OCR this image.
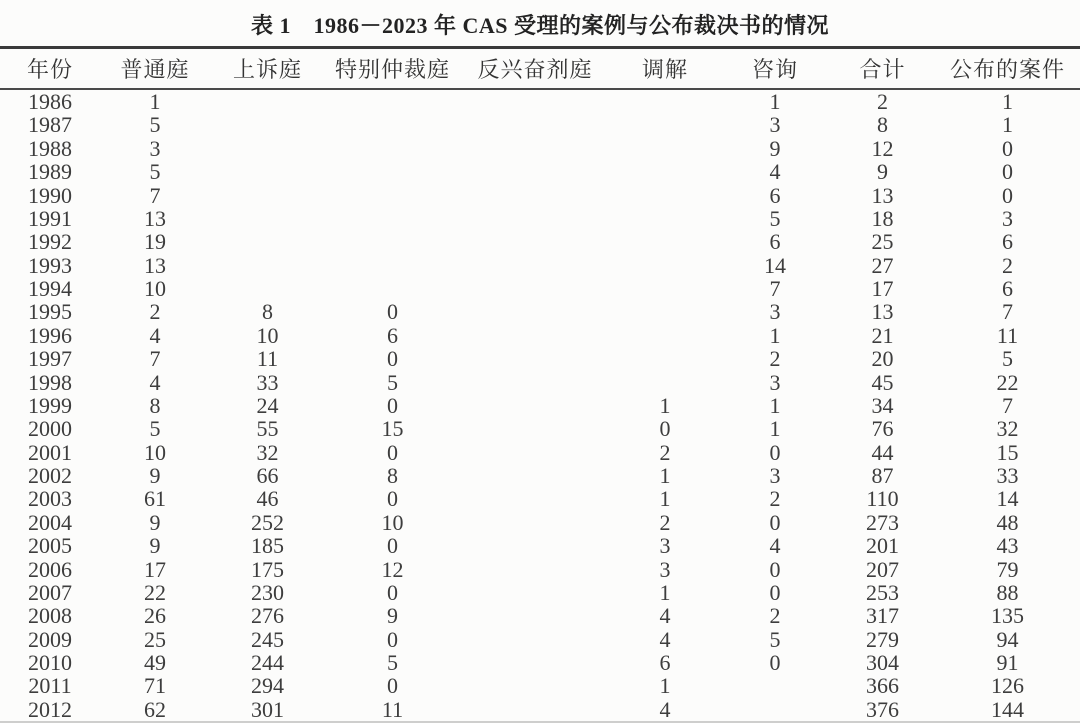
表 1　1986－2023 年 CAS 受理的案例与公布裁决书的情况
年份	普通庭	上诉庭	特别仲裁庭	反兴奋剂庭	调解	咨询	合计	公布的案件
1986	1					1	2	1
1987	5					3	8	1
1988	3					9	12	0
1989	5					4	9	0
1990	7					6	13	0
1991	13					5	18	3
1992	19					6	25	6
1993	13					14	27	2
1994	10					7	17	6
1995	2	8	0			3	13	7
1996	4	10	6			1	21	11
1997	7	11	0			2	20	5
1998	4	33	5			3	45	22
1999	8	24	0		1	1	34	7
2000	5	55	15		0	1	76	32
2001	10	32	0		2	0	44	15
2002	9	66	8		1	3	87	33
2003	61	46	0		1	2	110	14
2004	9	252	10		2	0	273	48
2005	9	185	0		3	4	201	43
2006	17	175	12		3	0	207	79
2007	22	230	0		1	0	253	88
2008	26	276	9		4	2	317	135
2009	25	245	0		4	5	279	94
2010	49	244	5		6	0	304	91
2011	71	294	0		1		366	126
2012	62	301	11		4		376	144
